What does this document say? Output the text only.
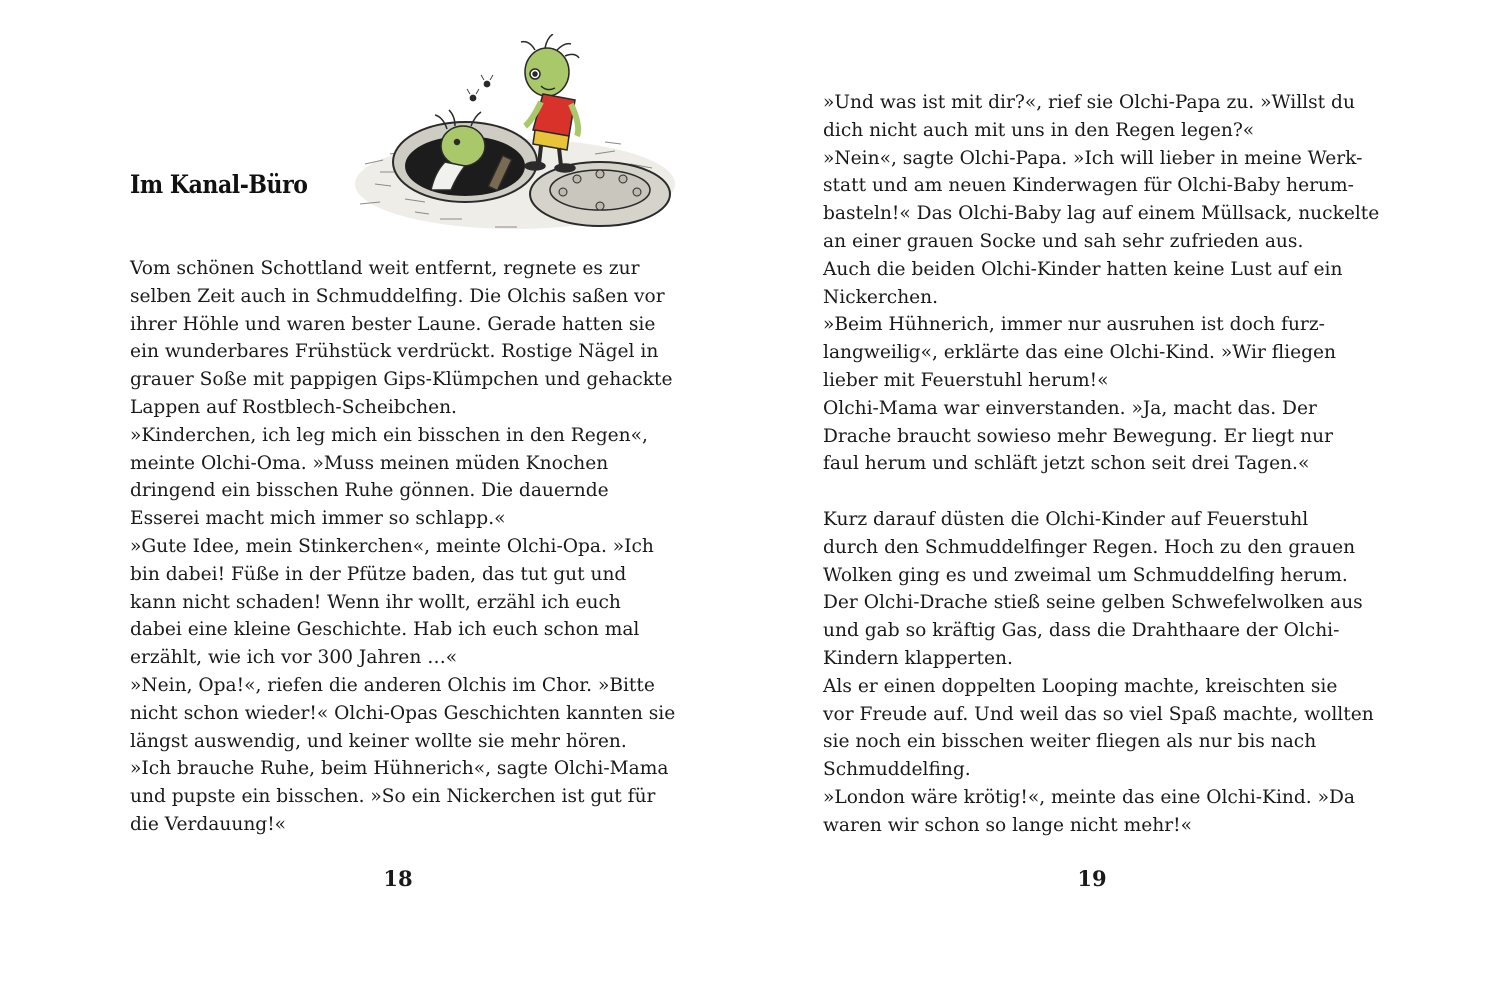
Im Kanal-Büro
Vom schönen Schottland weit entfernt, regnete es zur
selben Zeit auch in Schmuddelfing. Die Olchis saßen vor
ihrer Höhle und waren bester Laune. Gerade hatten sie
ein wunderbares Frühstück verdrückt. Rostige Nägel in
grauer Soße mit pappigen Gips-Klümpchen und gehackte
Lappen auf Rostblech-Scheibchen.
»Kinderchen, ich leg mich ein bisschen in den Regen«,
meinte Olchi-Oma. »Muss meinen müden Knochen
dringend ein bisschen Ruhe gönnen. Die dauernde
Esserei macht mich immer so schlapp.«
»Gute Idee, mein Stinkerchen«, meinte Olchi-Opa. »Ich
bin dabei! Füße in der Pfütze baden, das tut gut und
kann nicht schaden! Wenn ihr wollt, erzähl ich euch
dabei eine kleine Geschichte. Hab ich euch schon mal
erzählt, wie ich vor 300 Jahren …«
»Nein, Opa!«, riefen die anderen Olchis im Chor. »Bitte
nicht schon wieder!« Olchi-Opas Geschichten kannten sie
längst auswendig, und keiner wollte sie mehr hören.
»Ich brauche Ruhe, beim Hühnerich«, sagte Olchi-Mama
und pupste ein bisschen. »So ein Nickerchen ist gut für
die Verdauung!«
18
»Und was ist mit dir?«, rief sie Olchi-Papa zu. »Willst du
dich nicht auch mit uns in den Regen legen?«
»Nein«, sagte Olchi-Papa. »Ich will lieber in meine Werk-
statt und am neuen Kinderwagen für Olchi-Baby herum-
basteln!« Das Olchi-Baby lag auf einem Müllsack, nuckelte
an einer grauen Socke und sah sehr zufrieden aus.
Auch die beiden Olchi-Kinder hatten keine Lust auf ein
Nickerchen.
»Beim Hühnerich, immer nur ausruhen ist doch furz-
langweilig«, erklärte das eine Olchi-Kind. »Wir fliegen
lieber mit Feuerstuhl herum!«
Olchi-Mama war einverstanden. »Ja, macht das. Der
Drache braucht sowieso mehr Bewegung. Er liegt nur
faul herum und schläft jetzt schon seit drei Tagen.«
Kurz darauf düsten die Olchi-Kinder auf Feuerstuhl
durch den Schmuddelfinger Regen. Hoch zu den grauen
Wolken ging es und zweimal um Schmuddelfing herum.
Der Olchi-Drache stieß seine gelben Schwefelwolken aus
und gab so kräftig Gas, dass die Drahthaare der Olchi-
Kindern klapperten.
Als er einen doppelten Looping machte, kreischten sie
vor Freude auf. Und weil das so viel Spaß machte, wollten
sie noch ein bisschen weiter fliegen als nur bis nach
Schmuddelfing.
»London wäre krötig!«, meinte das eine Olchi-Kind. »Da
waren wir schon so lange nicht mehr!«
19
